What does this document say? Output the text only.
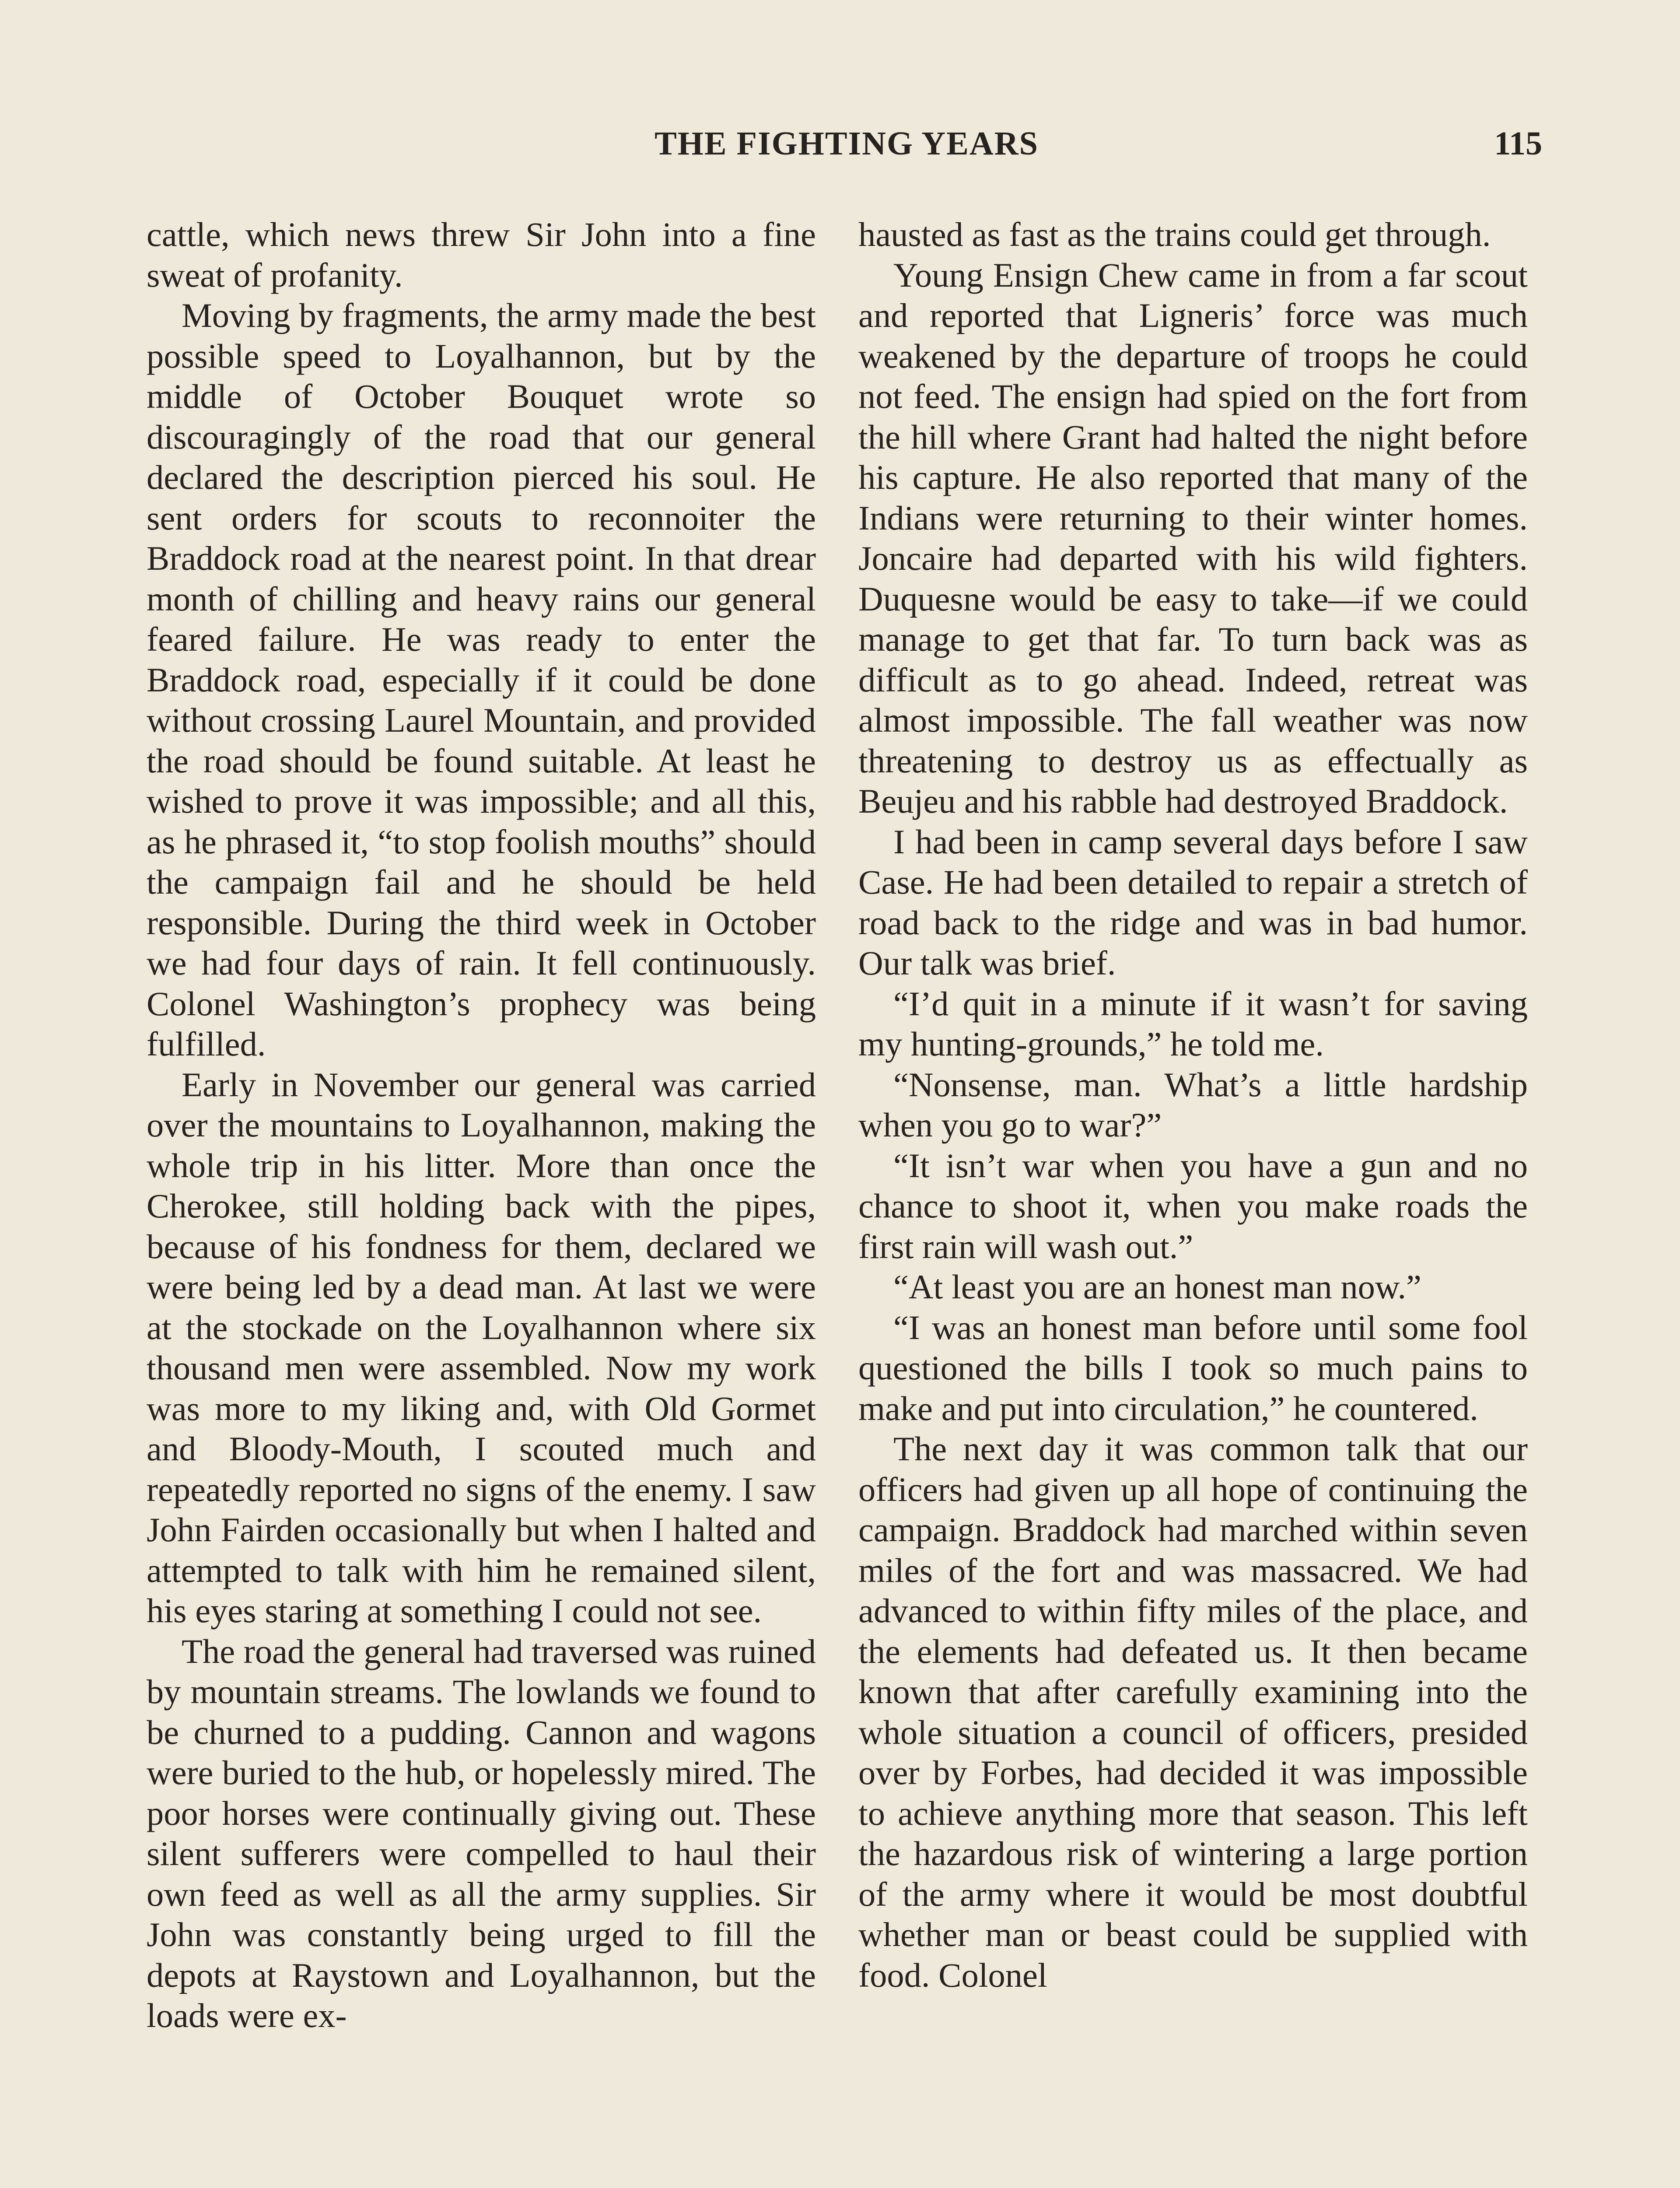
THE FIGHTING YEARS	115

cattle, which news threw Sir John into a fine sweat of profanity.

Moving by fragments, the army made the best possible speed to Loyalhannon, but by the middle of October Bouquet wrote so discouragingly of the road that our general declared the description pierced his soul. He sent orders for scouts to reconnoiter the Braddock road at the nearest point. In that drear month of chilling and heavy rains our general feared failure. He was ready to enter the Braddock road, especially if it could be done without crossing Laurel Mountain, and provided the road should be found suitable. At least he wished to prove it was impossible; and all this, as he phrased it, “to stop foolish mouths” should the campaign fail and he should be held responsible. During the third week in October we had four days of rain. It fell continuously. Colonel Washington’s prophecy was being fulfilled.

Early in November our general was carried over the mountains to Loyalhannon, making the whole trip in his litter. More than once the Cherokee, still holding back with the pipes, because of his fondness for them, declared we were being led by a dead man. At last we were at the stockade on the Loyalhannon where six thousand men were assembled. Now my work was more to my liking and, with Old Gormet and Bloody-Mouth, I scouted much and repeatedly reported no signs of the enemy. I saw John Fairden occasionally but when I halted and attempted to talk with him he remained silent, his eyes staring at something I could not see.

The road the general had traversed was ruined by mountain streams. The lowlands we found to be churned to a pudding. Cannon and wagons were buried to the hub, or hopelessly mired. The poor horses were continually giving out. These silent sufferers were compelled to haul their own feed as well as all the army supplies. Sir John was constantly being urged to fill the depots at Raystown and Loyalhannon, but the loads were ex-

hausted as fast as the trains could get through.

Young Ensign Chew came in from a far scout and reported that Ligneris’ force was much weakened by the departure of troops he could not feed. The ensign had spied on the fort from the hill where Grant had halted the night before his capture. He also reported that many of the Indians were returning to their winter homes. Joncaire had departed with his wild fighters. Duquesne would be easy to take—if we could manage to get that far. To turn back was as difficult as to go ahead. Indeed, retreat was almost impossible. The fall weather was now threatening to destroy us as effectually as Beujeu and his rabble had destroyed Braddock.

I had been in camp several days before I saw Case. He had been detailed to repair a stretch of road back to the ridge and was in bad humor. Our talk was brief.

“I’d quit in a minute if it wasn’t for saving my hunting-grounds,” he told me.

“Nonsense, man. What’s a little hardship when you go to war?”

“It isn’t war when you have a gun and no chance to shoot it, when you make roads the first rain will wash out.”

“At least you are an honest man now.”

“I was an honest man before until some fool questioned the bills I took so much pains to make and put into circulation,” he countered.

The next day it was common talk that our officers had given up all hope of continuing the campaign. Braddock had marched within seven miles of the fort and was massacred. We had advanced to within fifty miles of the place, and the elements had defeated us. It then became known that after carefully examining into the whole situation a council of officers, presided over by Forbes, had decided it was impossible to achieve anything more that season. This left the hazardous risk of wintering a large portion of the army where it would be most doubtful whether man or beast could be supplied with food. Colonel
